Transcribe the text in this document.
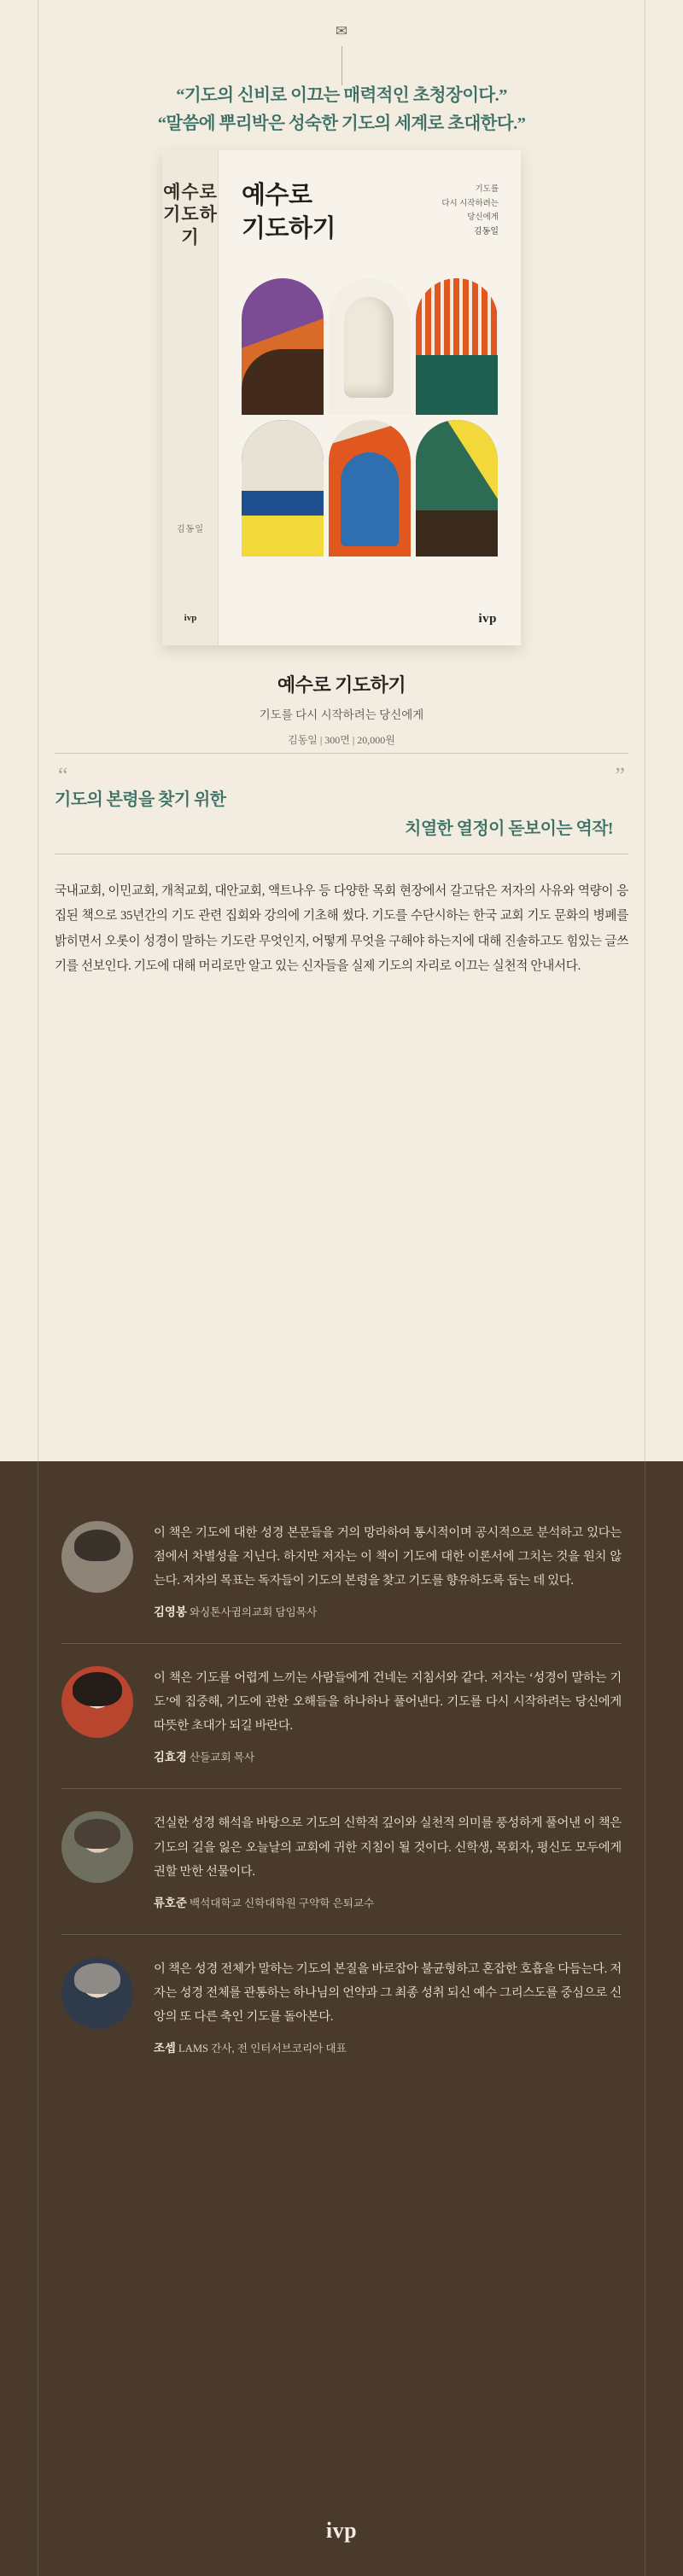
✉
“기도의 신비로 이끄는 매력적인 초청장이다.”
“말씀에 뿌리박은 성숙한 기도의 세계로 초대한다.”
예수로
기도하
기
김동일
ivp
예수로
기도하기
기도를
다시 시작하려는
당신에게
김동일
ivp
예수로 기도하기
기도를 다시 시작하려는 당신에게
김동일 | 300면 | 20,000원
“	”
기도의 본령을 찾기 위한
치열한 열정이 돋보이는 역작!
국내교회, 이민교회, 개척교회, 대안교회, 액트나우 등 다양한 목회 현장에서 갈고닦은 저자의 사유와 역량이 응집된 책으로 35년간의 기도 관련 집회와 강의에 기초해 썼다. 기도를 수단시하는 한국 교회 기도 문화의 병폐를 밝히면서 오롯이 성경이 말하는 기도란 무엇인지, 어떻게 무엇을 구해야 하는지에 대해 진솔하고도 힘있는 글쓰기를 선보인다. 기도에 대해 머리로만 알고 있는 신자들을 실제 기도의 자리로 이끄는 실천적 안내서다.

이 책은 기도에 대한 성경 본문들을 거의 망라하여 통시적이며 공시적으로 분석하고 있다는 점에서 차별성을 지닌다. 하지만 저자는 이 책이 기도에 대한 이론서에 그치는 것을 원치 않는다. 저자의 목표는 독자들이 기도의 본령을 찾고 기도를 향유하도록 돕는 데 있다.

김영봉 와싱톤사귐의교회 담임목사

이 책은 기도를 어렵게 느끼는 사람들에게 건네는 지침서와 같다. 저자는 ‘성경이 말하는 기도’에 집중해, 기도에 관한 오해들을 하나하나 풀어낸다. 기도를 다시 시작하려는 당신에게 따뜻한 초대가 되길 바란다.

김효경 산들교회 목사

건실한 성경 해석을 바탕으로 기도의 신학적 깊이와 실천적 의미를 풍성하게 풀어낸 이 책은 기도의 길을 잃은 오늘날의 교회에 귀한 지침이 될 것이다. 신학생, 목회자, 평신도 모두에게 권할 만한 선물이다.

류호준 백석대학교 신학대학원 구약학 은퇴교수

이 책은 성경 전체가 말하는 기도의 본질을 바로잡아 불균형하고 혼잡한 호흡을 다듬는다. 저자는 성경 전체를 관통하는 하나님의 언약과 그 최종 성취 되신 예수 그리스도를 중심으로 신앙의 또 다른 축인 기도를 돌아본다.

조셉 LAMS 간사, 전 인터서브코리아 대표
ivp
